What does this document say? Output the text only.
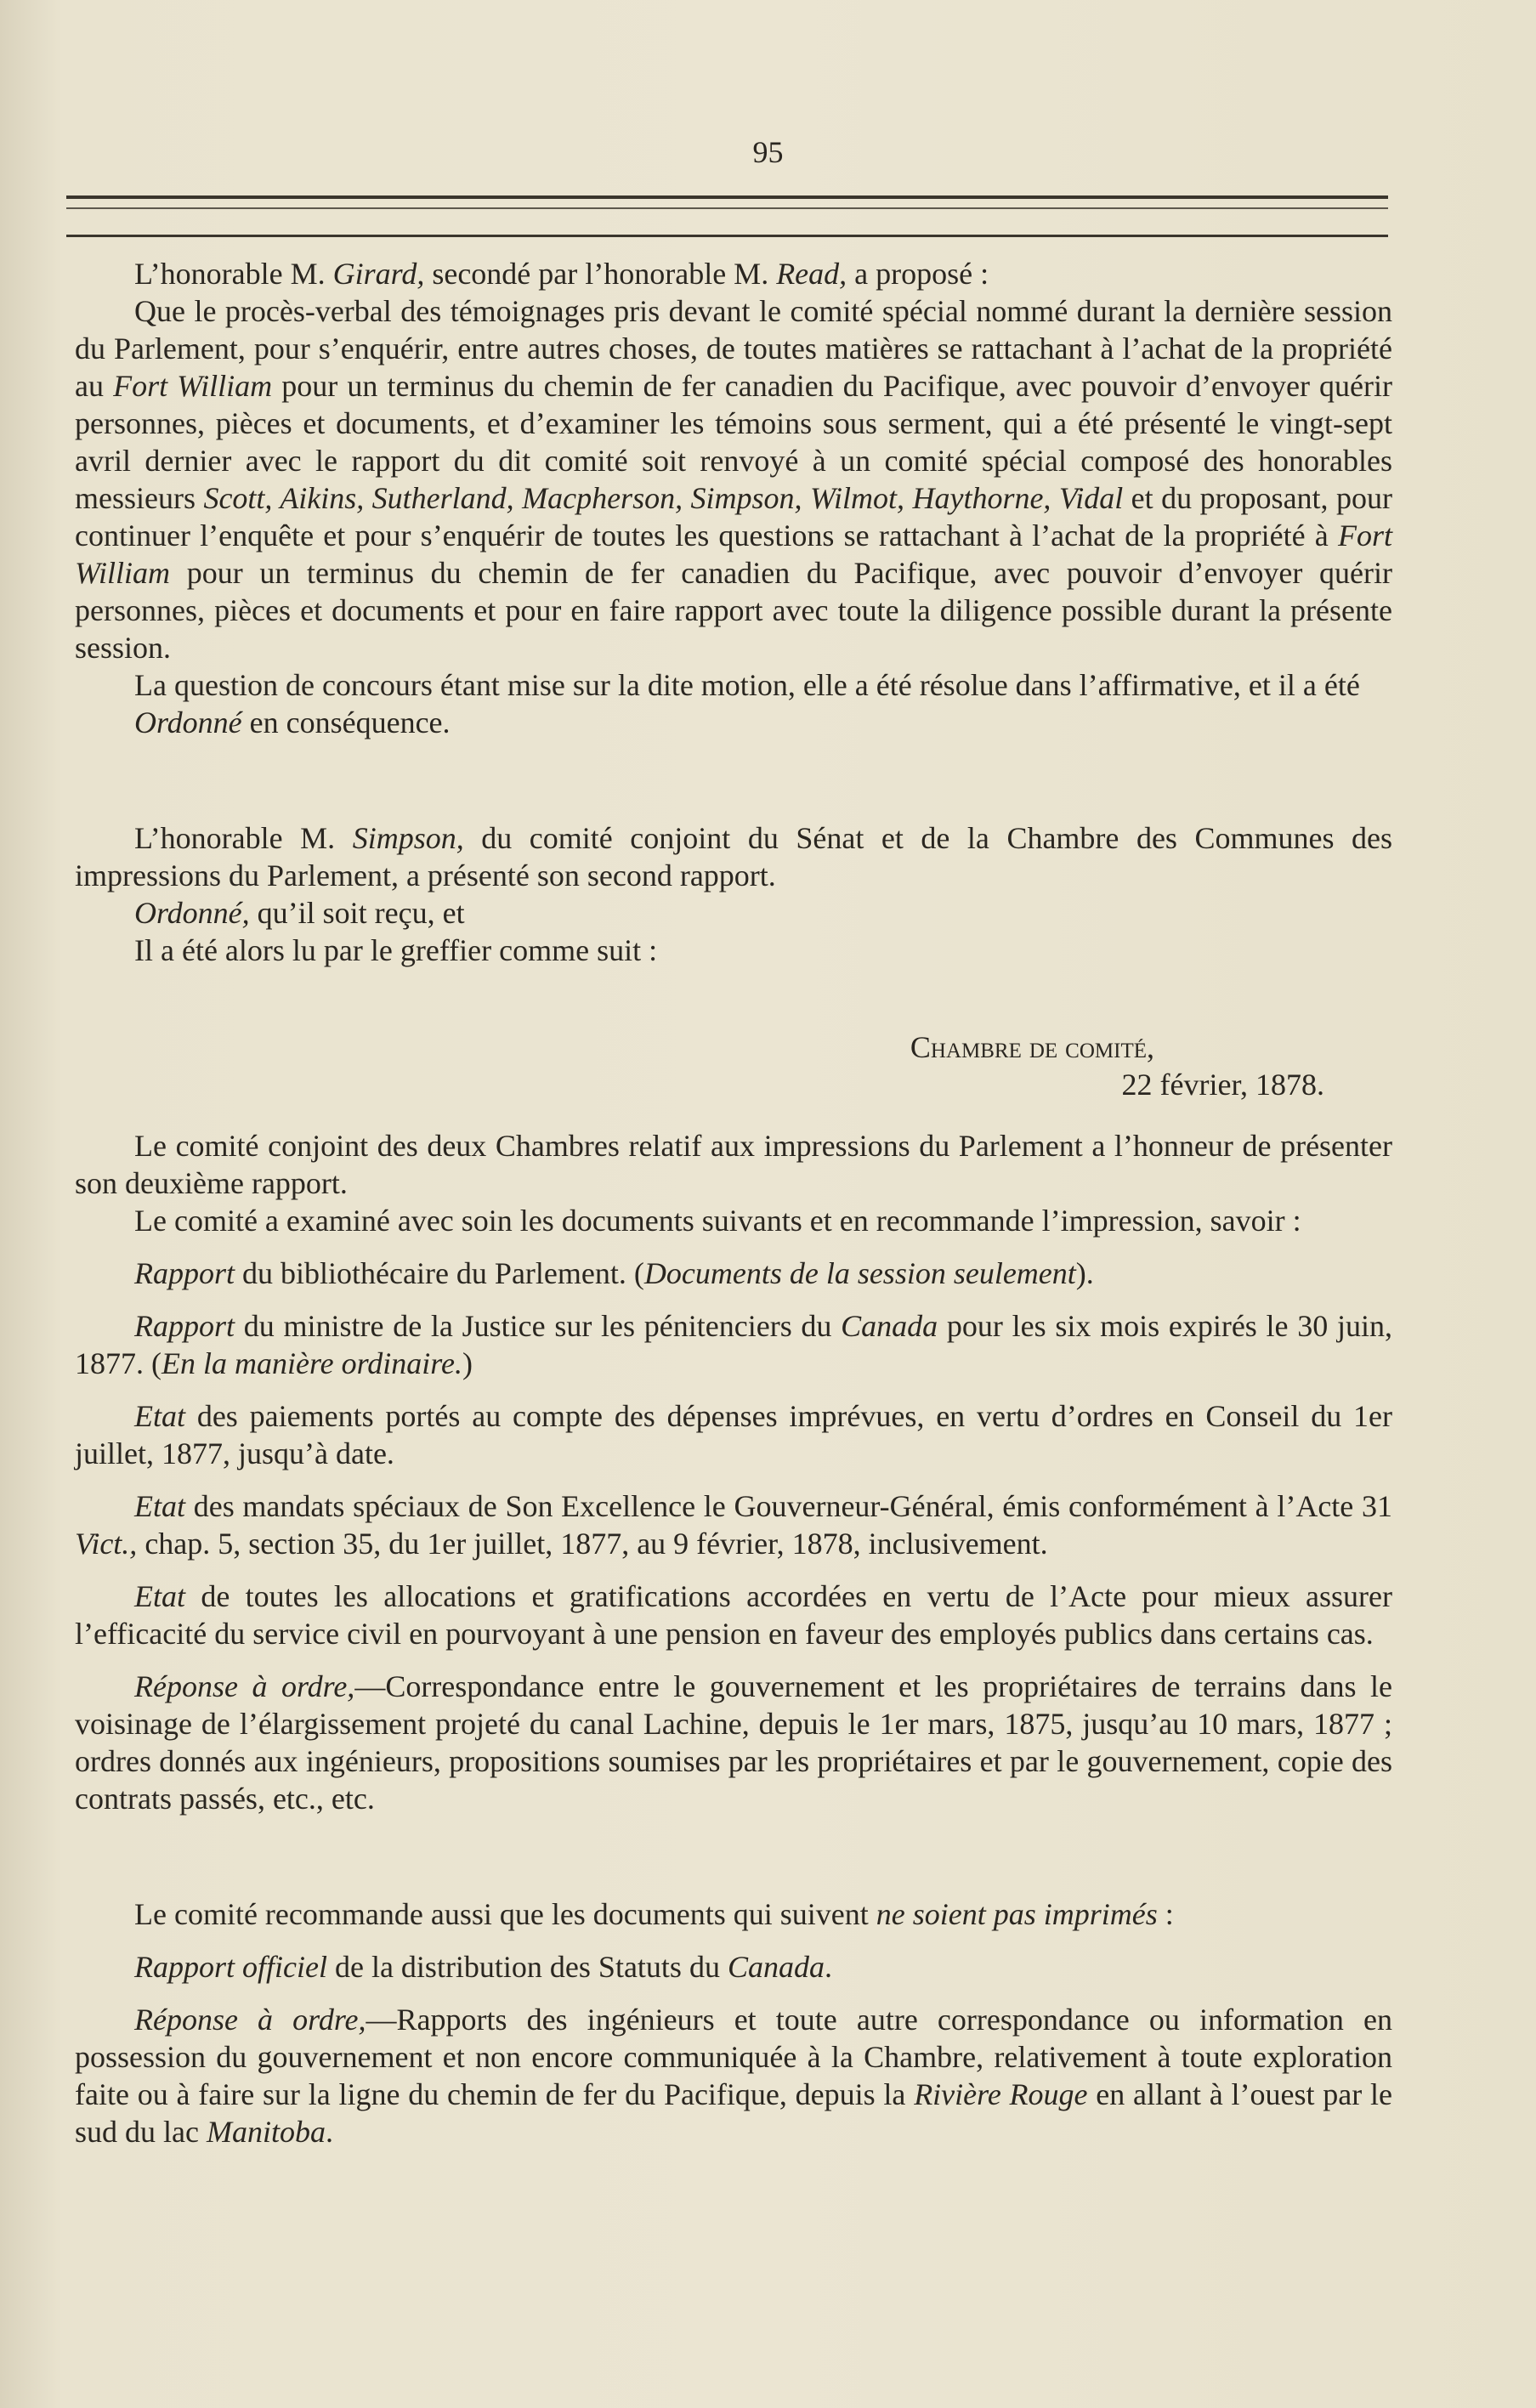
95

L’honorable M. Girard, secondé par l’honorable M. Read, a proposé :

Que le procès-verbal des témoignages pris devant le comité spécial nommé durant la dernière session du Parlement, pour s’enquérir, entre autres choses, de toutes matières se rattachant à l’achat de la propriété au Fort William pour un terminus du chemin de fer canadien du Pacifique, avec pouvoir d’envoyer quérir personnes, pièces et documents, et d’examiner les témoins sous serment, qui a été présenté le vingt-sept avril dernier avec le rapport du dit comité soit renvoyé à un comité spécial composé des honorables messieurs Scott, Aikins, Sutherland, Macpherson, Simpson, Wilmot, Haythorne, Vidal et du proposant, pour continuer l’enquête et pour s’enquérir de toutes les questions se rattachant à l’achat de la propriété à Fort William pour un terminus du chemin de fer canadien du Pacifique, avec pouvoir d’envoyer quérir personnes, pièces et documents et pour en faire rapport avec toute la diligence possible durant la présente session.

La question de concours étant mise sur la dite motion, elle a été résolue dans l’affirmative, et il a été

Ordonné en conséquence.

L’honorable M. Simpson, du comité conjoint du Sénat et de la Chambre des Communes des impressions du Parlement, a présenté son second rapport.

Ordonné, qu’il soit reçu, et

Il a été alors lu par le greffier comme suit :

Chambre de comité,

22 février, 1878.

Le comité conjoint des deux Chambres relatif aux impressions du Parlement a l’honneur de présenter son deuxième rapport.

Le comité a examiné avec soin les documents suivants et en recommande l’impression, savoir :

Rapport du bibliothécaire du Parlement. (Documents de la session seulement).

Rapport du ministre de la Justice sur les pénitenciers du Canada pour les six mois expirés le 30 juin, 1877. (En la manière ordinaire.)

Etat des paiements portés au compte des dépenses imprévues, en vertu d’ordres en Conseil du 1er juillet, 1877, jusqu’à date.

Etat des mandats spéciaux de Son Excellence le Gouverneur-Général, émis conformément à l’Acte 31 Vict., chap. 5, section 35, du 1er juillet, 1877, au 9 février, 1878, inclusivement.

Etat de toutes les allocations et gratifications accordées en vertu de l’Acte pour mieux assurer l’efficacité du service civil en pourvoyant à une pension en faveur des employés publics dans certains cas.

Réponse à ordre,—Correspondance entre le gouvernement et les propriétaires de terrains dans le voisinage de l’élargissement projeté du canal Lachine, depuis le 1er mars, 1875, jusqu’au 10 mars, 1877 ; ordres donnés aux ingénieurs, propositions soumises par les propriétaires et par le gouvernement, copie des contrats passés, etc., etc.

Le comité recommande aussi que les documents qui suivent ne soient pas imprimés :

Rapport officiel de la distribution des Statuts du Canada.

Réponse à ordre,—Rapports des ingénieurs et toute autre correspondance ou information en possession du gouvernement et non encore communiquée à la Chambre, relativement à toute exploration faite ou à faire sur la ligne du chemin de fer du Pacifique, depuis la Rivière Rouge en allant à l’ouest par le sud du lac Manitoba.
